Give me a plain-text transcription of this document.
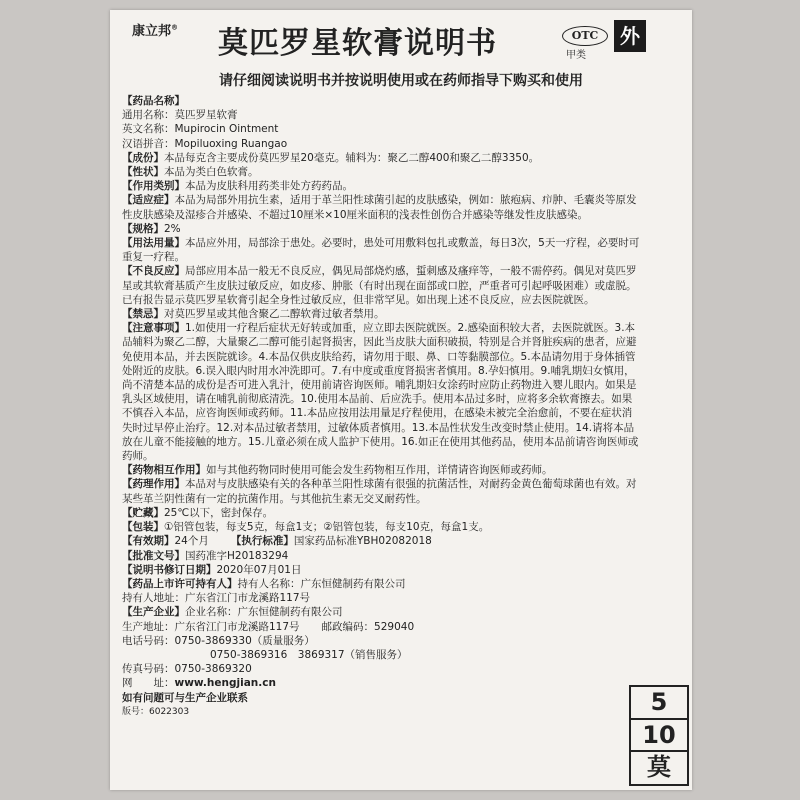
康立邦® 莫匹罗星软膏说明书	OTC
甲类
外
请仔细阅读说明书并按说明使用或在药师指导下购买和使用

【药品名称】

通用名称：莫匹罗星软膏

英文名称：Mupirocin Ointment

汉语拼音：Mopiluoxing Ruangao

【成份】本品每克含主要成份莫匹罗星20毫克。辅料为：聚乙二醇400和聚乙二醇3350。

【性状】本品为类白色软膏。

【作用类别】本品为皮肤科用药类非处方药药品。

【适应症】本品为局部外用抗生素，适用于革兰阳性球菌引起的皮肤感染，例如：脓疱病、疖肿、毛囊炎等原发性皮肤感染及湿疹合并感染、不超过10厘米×10厘米面积的浅表性创伤合并感染等继发性皮肤感染。

【规格】2%

【用法用量】本品应外用，局部涂于患处。必要时，患处可用敷料包扎或敷盖，每日3次，5天一疗程，必要时可重复一疗程。

【不良反应】局部应用本品一般无不良反应，偶见局部烧灼感，蜇刺感及瘙痒等，一般不需停药。偶见对莫匹罗星或其软膏基质产生皮肤过敏反应，如皮疹、肿胀（有时出现在面部或口腔，严重者可引起呼吸困难）或虚脱。已有报告显示莫匹罗星软膏引起全身性过敏反应，但非常罕见。如出现上述不良反应，应去医院就医。

【禁忌】对莫匹罗星或其他含聚乙二醇软膏过敏者禁用。

【注意事项】1.如使用一疗程后症状无好转或加重，应立即去医院就医。2.感染面积较大者，去医院就医。3.本品辅料为聚乙二醇，大量聚乙二醇可能引起肾损害，因此当皮肤大面积破损，特别是合并肾脏疾病的患者，应避免使用本品，并去医院就诊。4.本品仅供皮肤给药，请勿用于眼、鼻、口等黏膜部位。5.本品请勿用于身体插管处附近的皮肤。6.误入眼内时用水冲洗即可。7.有中度或重度肾损害者慎用。8.孕妇慎用。9.哺乳期妇女慎用，尚不清楚本品的成份是否可进入乳汁，使用前请咨询医师。哺乳期妇女涂药时应防止药物进入婴儿眼内。如果是乳头区域使用，请在哺乳前彻底清洗。10.使用本品前、后应洗手。使用本品过多时，应将多余软膏擦去。如果不慎吞入本品，应咨询医师或药师。11.本品应按用法用量足疗程使用，在感染未被完全治愈前，不要在症状消失时过早停止治疗。12.对本品过敏者禁用，过敏体质者慎用。13.本品性状发生改变时禁止使用。14.请将本品放在儿童不能接触的地方。15.儿童必须在成人监护下使用。16.如正在使用其他药品，使用本品前请咨询医师或药师。

【药物相互作用】如与其他药物同时使用可能会发生药物相互作用，详情请咨询医师或药师。

【药理作用】本品对与皮肤感染有关的各种革兰阳性球菌有很强的抗菌活性，对耐药金黄色葡萄球菌也有效。对某些革兰阴性菌有一定的抗菌作用。与其他抗生素无交叉耐药性。

【贮藏】25℃以下，密封保存。

【包装】①铝管包装，每支5克，每盒1支；②铝管包装，每支10克，每盒1支。

【有效期】24个月 【执行标准】国家药品标准YBH02082018

【批准文号】国药准字H20183294

【说明书修订日期】2020年07月01日

【药品上市许可持有人】持有人名称：广东恒健制药有限公司

持有人地址：广东省江门市龙溪路117号

【生产企业】企业名称：广东恒健制药有限公司

生产地址：广东省江门市龙溪路117号 邮政编码：529040

电话号码：0750-3869330（质量服务）

0750-3869316　3869317（销售服务）

传真号码：0750-3869320

网　　址：www.hengjian.cn

如有问题可与生产企业联系

版号：6022303	5
10
莫
